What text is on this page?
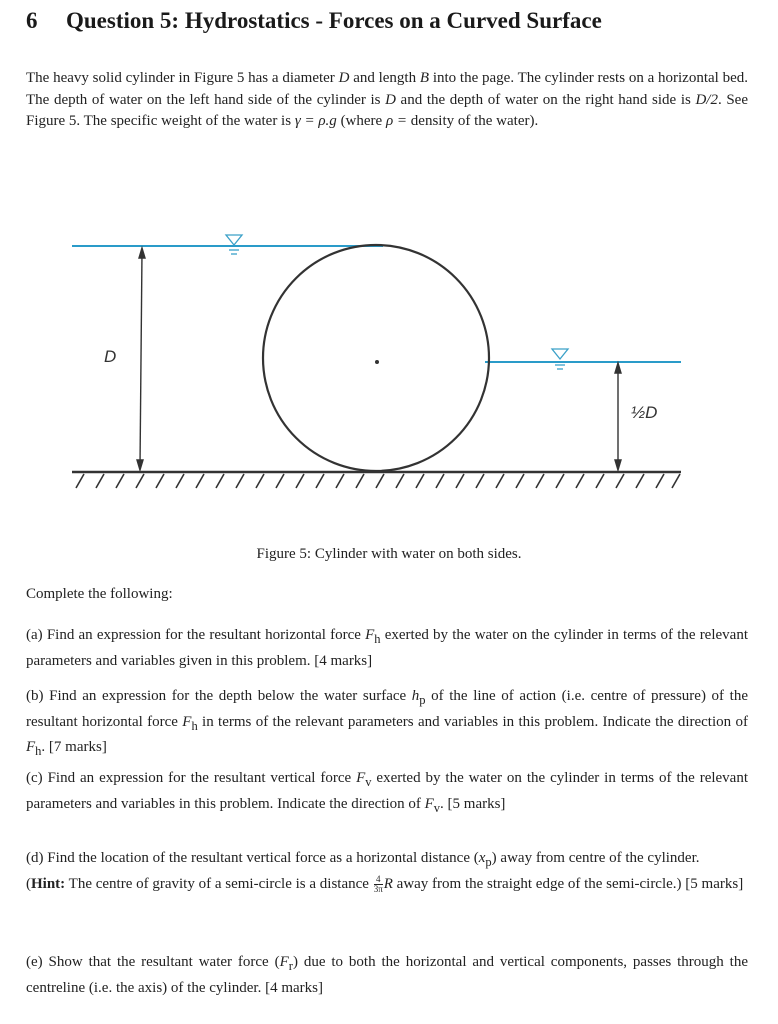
6 Question 5: Hydrostatics - Forces on a Curved Surface
The heavy solid cylinder in Figure 5 has a diameter D and length B into the page. The cylinder rests on a horizontal bed. The depth of water on the left hand side of the cylinder is D and the depth of water on the right hand side is D/2. See Figure 5. The specific weight of the water is γ = ρ.g (where ρ = density of the water).
D
½D
Figure 5: Cylinder with water on both sides.
Complete the following:
(a) Find an expression for the resultant horizontal force $F_h$ exerted by the water on the cylinder in terms of the relevant parameters and variables given in this problem. [4 marks]
(b) Find an expression for the depth below the water surface $h_p$ of the line of action (i.e. centre of pressure) of the resultant horizontal force $F_h$ in terms of the relevant parameters and variables in this problem. Indicate the direction of $F_h$. [7 marks]
(c) Find an expression for the resultant vertical force $F_v$ exerted by the water on the cylinder in terms of the relevant parameters and variables in this problem. Indicate the direction of $F_v$. [5 marks]
(d) Find the location of the resultant vertical force as a horizontal distance $(x_p)$ away from centre of the cylinder.
(Hint: The centre of gravity of a semi-circle is a distance $\frac{4}{3\pi}$ R away from the straight edge of the semi-circle.) [5 marks]
(e) Show that the resultant water force $(F_r)$ due to both the horizontal and vertical components, passes through the centreline (i.e. the axis) of the cylinder. [4 marks]
